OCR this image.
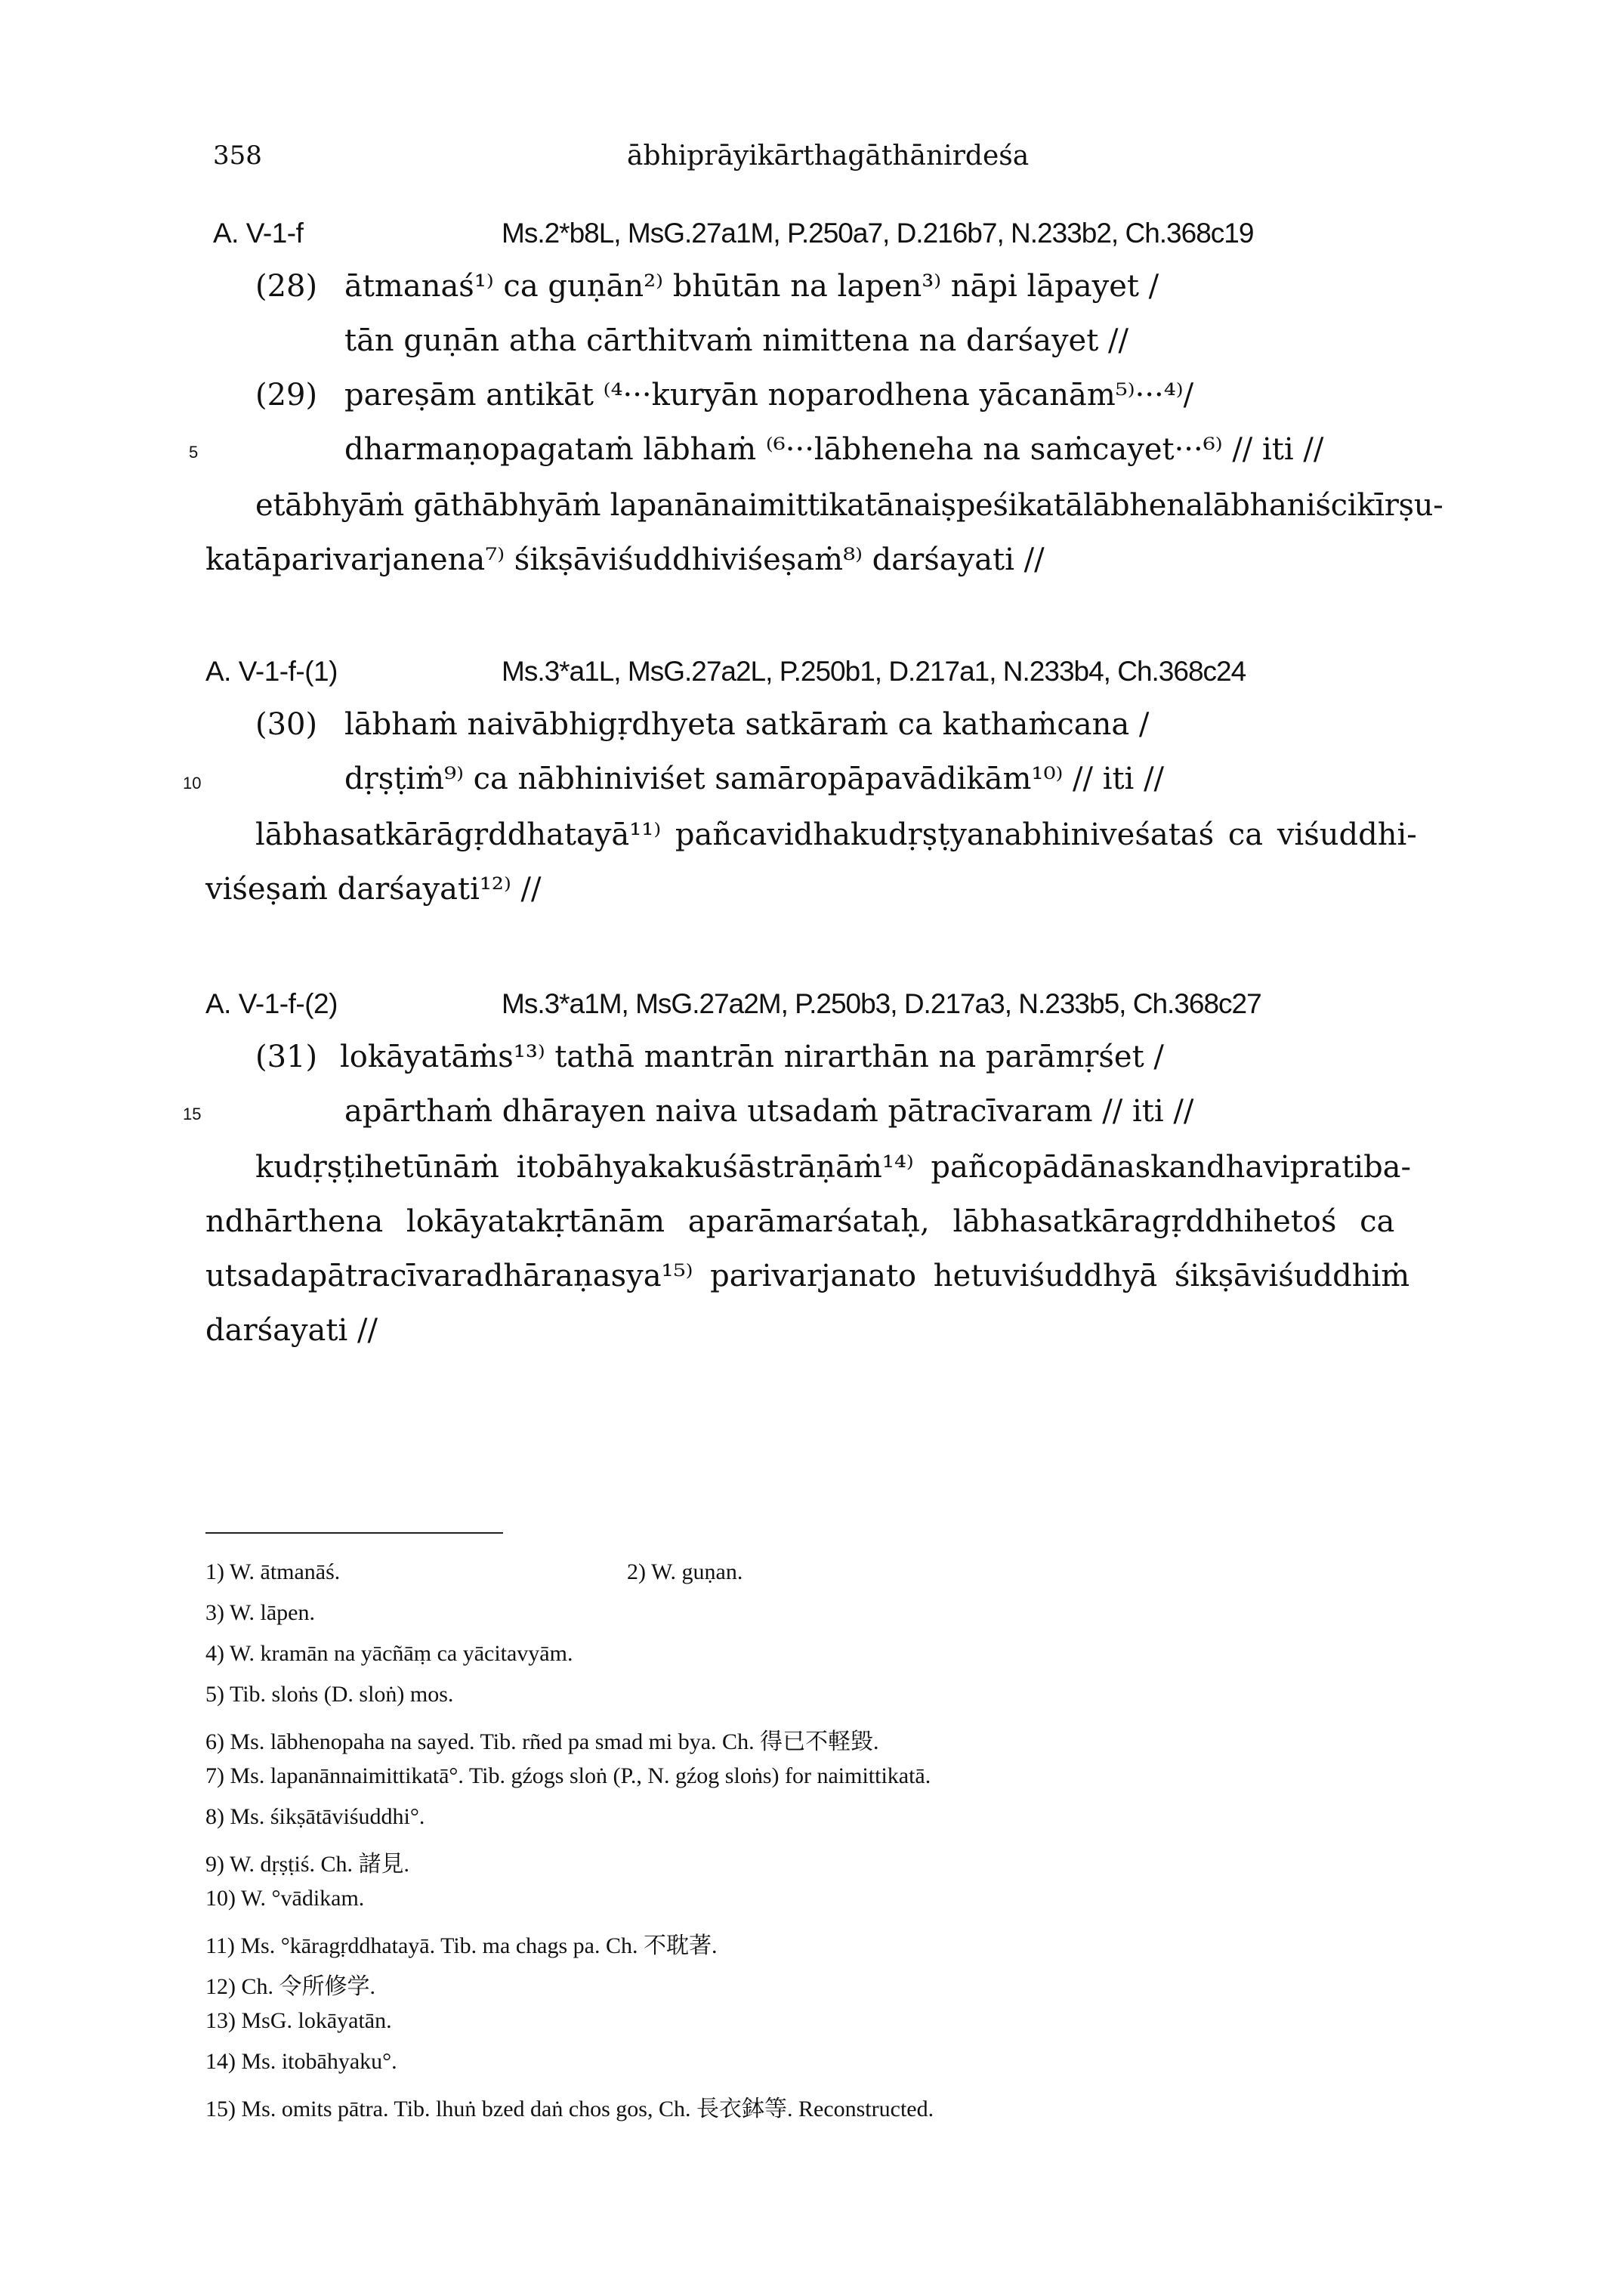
358	ābhiprāyikārthagāthānirdeśa
A. V-1-f	Ms.2*b8L, MsG.27a1M, P.250a7, D.216b7, N.233b2, Ch.368c19
(28) ātmanaś¹⁾ ca guṇān²⁾ bhūtān na lapen³⁾ nāpi lāpayet /
tān guṇān atha cārthitvaṁ nimittena na darśayet //
(29) pareṣām antikāt ⁽⁴···kuryān noparodhena yācanām⁵⁾···⁴⁾/
5	dharmaṇopagataṁ lābhaṁ ⁽⁶···lābhenehа na saṁcayet···⁶⁾ // iti //
etābhyāṁ gāthābhyāṁ lapanānaimittikatānaiṣpeśikatālābhenalābhaniścikīrṣu-
katāparivarjanena⁷⁾ śikṣāviśuddhiviśeṣaṁ⁸⁾ darśayati //
A. V-1-f-(1)	Ms.3*a1L, MsG.27a2L, P.250b1, D.217a1, N.233b4, Ch.368c24
(30) lābhaṁ naivābhigṛdhyeta satkāraṁ ca kathaṁcana /
10	dṛṣṭiṁ⁹⁾ ca nābhiniviśet samāropāpavādikām¹⁰⁾ // iti //
lābhasatkārāgṛddhatayā¹¹⁾ pañcavidhakudṛṣṭyanabhiniveśataś ca viśuddhi-
viśeṣaṁ darśayati¹²⁾ //
A. V-1-f-(2)	Ms.3*a1M, MsG.27a2M, P.250b3, D.217a3, N.233b5, Ch.368c27
(31) lokāyatāṁs¹³⁾ tathā mantrān nirarthān na parāmṛśet /
15	apārthaṁ dhārayen naiva utsadaṁ pātracīvaram // iti //
kudṛṣṭihetūnāṁ itobāhyakakuśāstrāṇāṁ¹⁴⁾ pañcopādānaskandhavipratiba-
ndhārthena lokāyatakṛtānām aparāmarśataḥ, lābhasatkāragṛddhihetoś ca
utsadapātracīvaradhāraṇasya¹⁵⁾ parivarjanato hetuviśuddhyā śikṣāviśuddhiṁ
darśayati //
1) W. ātmanāś.	2) W. guṇan.
3) W. lāpen.
4) W. kramān na yācñāṃ ca yācitavyām.
5) Tib. sloṅs (D. sloṅ) mos.
6) Ms. lābhenopaha na sayed. Tib. rñed pa smad mi bya. Ch. 得已不軽毀.
7) Ms. lapanānnaimittikatā°. Tib. gźogs sloṅ (P., N. gźog sloṅs) for naimittikatā.
8) Ms. śikṣātāviśuddhi°.
9) W. dṛṣṭiś. Ch. 諸見.
10) W. °vādikam.
11) Ms. °kāragṛddhatayā. Tib. ma chags pa. Ch. 不耽著.
12) Ch. 令所修学.
13) MsG. lokāyatān.
14) Ms. itobāhyaku°.
15) Ms. omits pātra. Tib. lhuṅ bzed daṅ chos gos, Ch. 長衣鉢等. Reconstructed.
